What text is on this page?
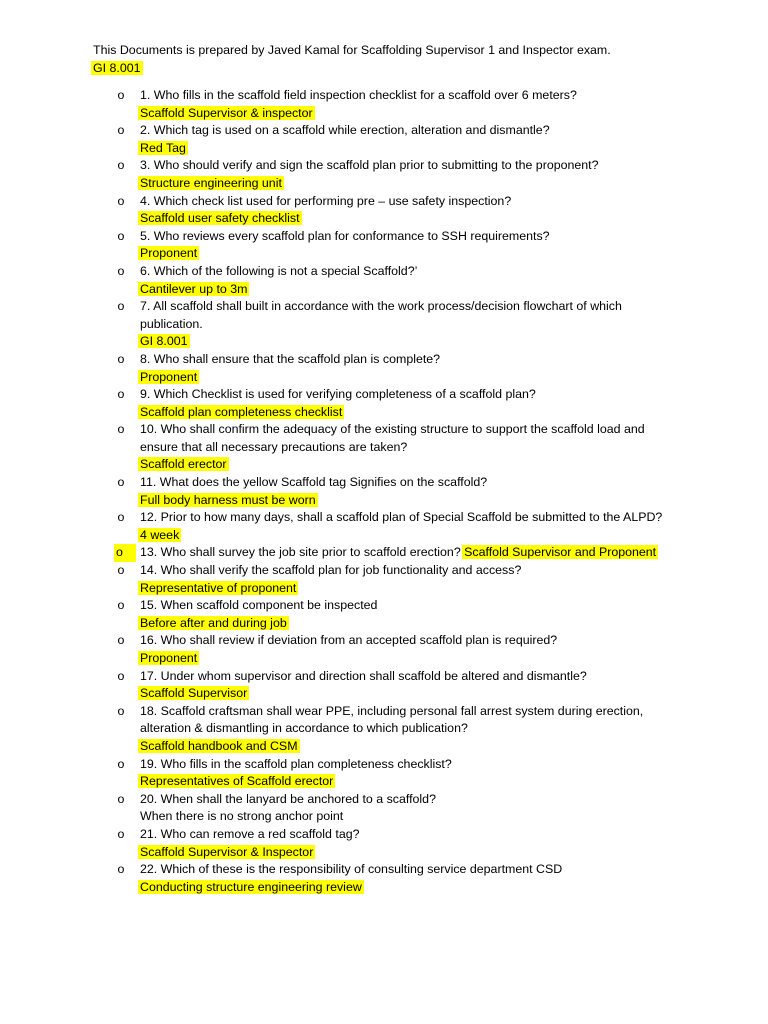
This Documents is prepared by Javed Kamal for Scaffolding Supervisor 1 and Inspector exam.
GI 8.001
o 1. Who fills in the scaffold field inspection checklist for a scaffold over 6 meters?
Scaffold Supervisor & inspector
o 2. Which tag is used on a scaffold while erection, alteration and dismantle?
Red Tag
o 3. Who should verify and sign the scaffold plan prior to submitting to the proponent?
Structure engineering unit
o 4. Which check list used for performing pre – use safety inspection?
Scaffold user safety checklist
o 5. Who reviews every scaffold plan for conformance to SSH requirements?
Proponent
o 6. Which of the following is not a special Scaffold?’
Cantilever up to 3m
o 7. All scaffold shall built in accordance with the work process/decision flowchart of which publication.
GI 8.001
o 8. Who shall ensure that the scaffold plan is complete?
Proponent
o 9. Which Checklist is used for verifying completeness of a scaffold plan?
Scaffold plan completeness checklist
o 10. Who shall confirm the adequacy of the existing structure to support the scaffold load and ensure that all necessary precautions are taken?
Scaffold erector
o 11. What does the yellow Scaffold tag Signifies on the scaffold?
Full body harness must be worn
o 12. Prior to how many days, shall a scaffold plan of Special Scaffold be submitted to the ALPD?
4 week
o	13. Who shall survey the job site prior to scaffold erection? Scaffold Supervisor and Proponent
o 14. Who shall verify the scaffold plan for job functionality and access?
Representative of proponent
o 15. When scaffold component be inspected
Before after and during job
o 16. Who shall review if deviation from an accepted scaffold plan is required?
Proponent
o 17. Under whom supervisor and direction shall scaffold be altered and dismantle?
Scaffold Supervisor
o 18. Scaffold craftsman shall wear PPE, including personal fall arrest system during erection, alteration & dismantling in accordance to which publication?
Scaffold handbook and CSM
o 19. Who fills in the scaffold plan completeness checklist?
Representatives of Scaffold erector
o 20. When shall the lanyard be anchored to a scaffold?
When there is no strong anchor point
o 21. Who can remove a red scaffold tag?
Scaffold Supervisor & Inspector
o 22. Which of these is the responsibility of consulting service department CSD
Conducting structure engineering review
